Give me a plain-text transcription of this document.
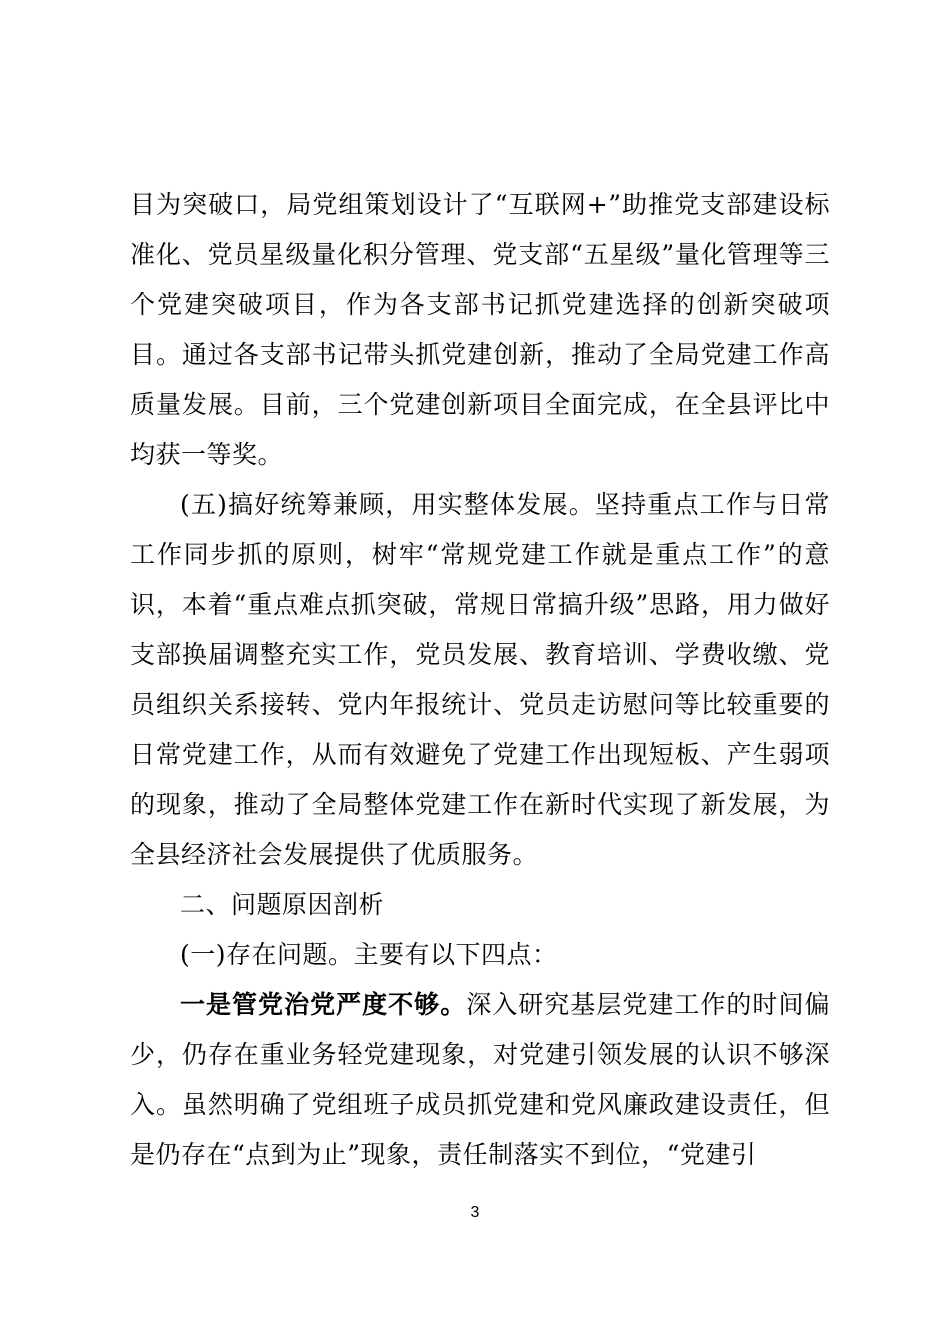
目为突破口，局党组策划设计了“互联网+”助推党支部建设标准化、党员星级量化积分管理、党支部“五星级”量化管理等三个党建突破项目，作为各支部书记抓党建选择的创新突破项目。通过各支部书记带头抓党建创新，推动了全局党建工作高质量发展。目前，三个党建创新项目全面完成，在全县评比中均获一等奖。

(五)搞好统筹兼顾，用实整体发展。坚持重点工作与日常工作同步抓的原则，树牢“常规党建工作就是重点工作”的意识，本着“重点难点抓突破，常规日常搞升级”思路，用力做好支部换届调整充实工作，党员发展、教育培训、学费收缴、党员组织关系接转、党内年报统计、党员走访慰问等比较重要的日常党建工作，从而有效避免了党建工作出现短板、产生弱项的现象，推动了全局整体党建工作在新时代实现了新发展，为全县经济社会发展提供了优质服务。

二、问题原因剖析

(一)存在问题。主要有以下四点：

一是管党治党严度不够。深入研究基层党建工作的时间偏少，仍存在重业务轻党建现象，对党建引领发展的认识不够深入。虽然明确了党组班子成员抓党建和党风廉政建设责任，但是仍存在“点到为止”现象，责任制落实不到位，“党建引

3
